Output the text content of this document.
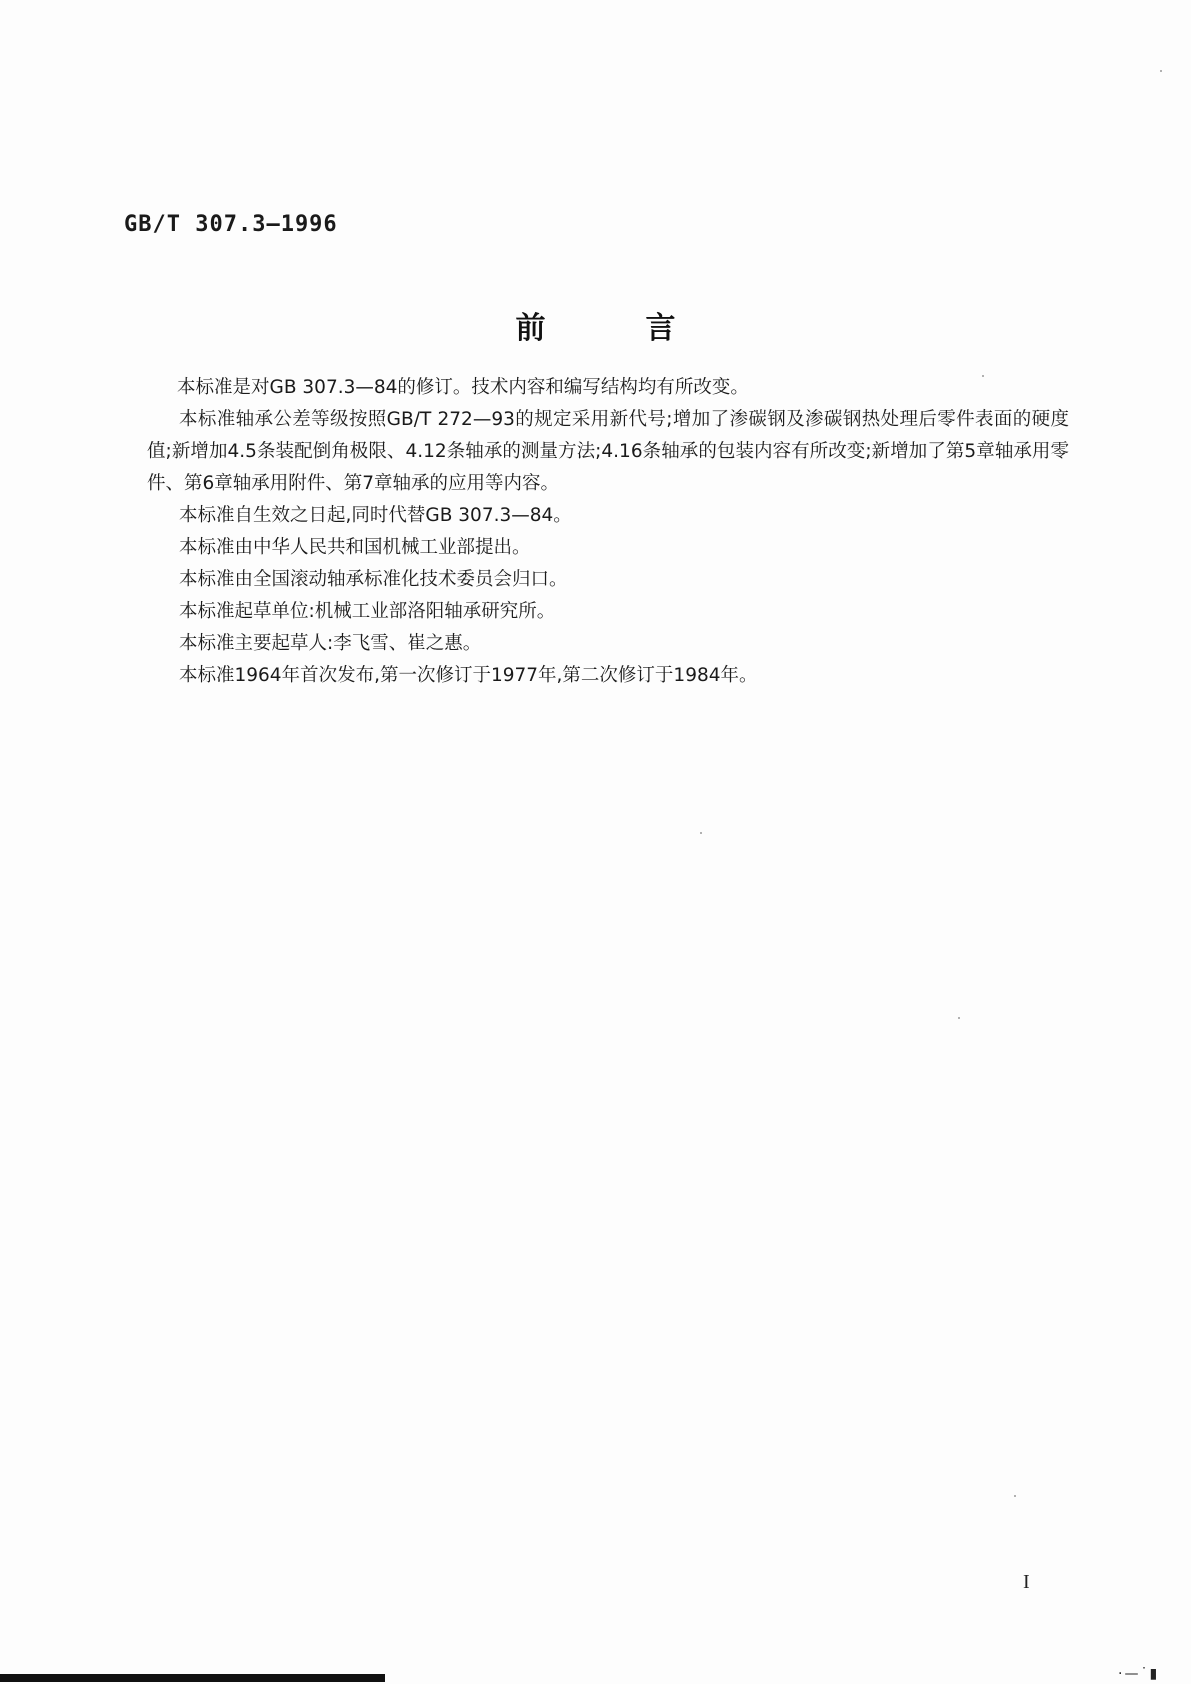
GB/T 307.3—1996
前言

本标准是对GB 307.3—84的修订。技术内容和编写结构均有所改变。

本标准轴承公差等级按照GB/T 272—93的规定采用新代号;增加了渗碳钢及渗碳钢热处理后零件表面的硬度值;新增加4.5条装配倒角极限、4.12条轴承的测量方法;4.16条轴承的包装内容有所改变;新增加了第5章轴承用零件、第6章轴承用附件、第7章轴承的应用等内容。

本标准自生效之日起,同时代替GB 307.3—84。

本标准由中华人民共和国机械工业部提出。

本标准由全国滚动轴承标准化技术委员会归口。

本标准起草单位:机械工业部洛阳轴承研究所。

本标准主要起草人:李飞雪、崔之惠。

本标准1964年首次发布,第一次修订于1977年,第二次修订于1984年。

I
·—˙▮
